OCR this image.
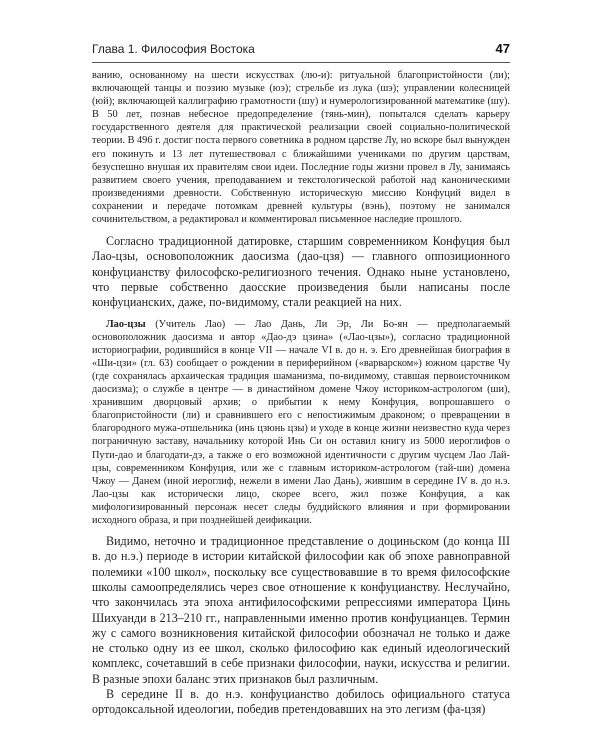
Глава 1. Философия Востока	47

ванию, основанному на шести искусствах (лю-и): ритуальной благопристойности (ли); включающей танцы и поэзию музыке (юэ); стрельбе из лука (шэ); управлении колесницей (юй); включающей каллиграфию грамотности (шу) и нумерологизированной математике (шу). В 50 лет, познав небесное предопределение (тянь-мин), попытался сделать карьеру государственного деятеля для практической реализации своей социально-политической теории. В 496 г. достиг поста первого советника в родном царстве Лу, но вскоре был вынужден его покинуть и 13 лет путешествовал с ближайшими учениками по другим царствам, безуспешно внушая их правителям свои идеи. Последние годы жизни провел в Лу, занимаясь развитием своего учения, преподаванием и текстологической работой над каноническими произведениями древности. Собственную историческую миссию Конфуций видел в сохранении и передаче потомкам древней культуры (вэнь), поэтому не занимался сочинительством, а редактировал и комментировал письменное наследие прошлого.

Согласно традиционной датировке, старшим современником Конфуция был Лао-цзы, основоположник даосизма (дао-цзя) — главного оппозиционного конфуцианству философско-религиозного течения. Однако ныне установлено, что первые собственно даосские произведения были написаны после конфуцианских, даже, по-видимому, стали реакцией на них.

Лао-цзы (Учитель Лао) — Лао Дань, Ли Эр, Ли Бо-ян — предполагаемый основоположник даосизма и автор «Дао-дэ цзина» («Лао-цзы»), согласно традиционной историографии, родившийся в конце VII — начале VI в. до н. э. Его древнейшая биография в «Ши-цзи» (гл. 63) сообщает о рождении в периферийном («варварском») южном царстве Чу (где сохранялась архаическая традиция шаманизма, по-видимому, ставшая первоисточником даосизма); о службе в центре — в династийном домене Чжоу историком-астрологом (ши), хранившим дворцовый архив; о прибытии к нему Конфуция, вопрошавшего о благопристойности (ли) и сравнившего его с непостижимым драконом; о превращении в благородного мужа-отшельника (инь цзюнь цзы) и уходе в конце жизни неизвестно куда через пограничную заставу, начальнику которой Инь Си он оставил книгу из 5000 иероглифов о Пути-дао и благодати-дэ, а также о его возможной идентичности с другим чусцем Лао Лай-цзы, современником Конфуция, или же с главным историком-астрологом (тай-ши) домена Чжоу — Данем (иной иероглиф, нежели в имени Лао Дань), жившим в середине IV в. до н.э. Лао-цзы как исторически лицо, скорее всего, жил позже Конфуция, а как мифологизированный персонаж несет следы буддийского влияния и при формировании исходного образа, и при позднейшей деификации.

Видимо, неточно и традиционное представление о доциньском (до конца III в. до н.э.) периоде в истории китайской философии как об эпохе равноправной полемики «100 школ», поскольку все существовавшие в то время философские школы самоопределялись через свое отношение к конфуцианству. Неслучайно, что закончилась эта эпоха антифилософскими репрессиями императора Цинь Шихуанди в 213–210 гг., направленными именно против конфуцианцев. Термин жу с самого возникновения китайской философии обозначал не только и даже не столько одну из ее школ, сколько философию как единый идеологический комплекс, сочетавший в себе признаки философии, науки, искусства и религии. В разные эпохи баланс этих признаков был различным.

В середине II в. до н.э. конфуцианство добилось официального статуса ортодоксальной идеологии, победив претендовавших на это легизм (фа-цзя)
